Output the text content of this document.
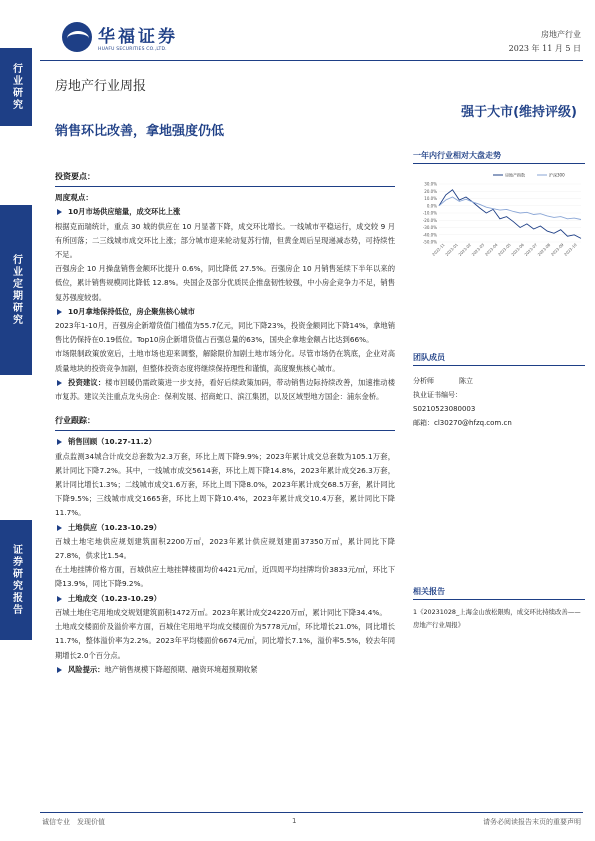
行业研究
行业定期研究
证券研究报告
华福证券
HUAFU SECURITIES CO.,LTD.
房地产行业
2023 年 11 月 5 日
房地产行业周报
强于大市(维持评级)
销售环比改善，拿地强度仍低
投资要点：
周度观点：
10月市场供应缩量，成交环比上涨
根据克而瑞统计，重点 30 城的供应在 10 月显著下降，成交环比增长。一线城市平稳运行，成交较 9 月有所回落；二三线城市成交环比上涨；部分城市迎来轮动复苏行情，但黄金周后呈现递减态势，可持续性不足。
百强房企 10 月操盘销售金额环比提升 0.6%，同比降低 27.5%。百强房企 10 月销售延续下半年以来的低位，累计销售规模同比降低 12.8%。央国企及部分优质民企推盘韧性较强，中小房企竞争力不足，销售复苏强度较弱。
10月拿地保持低位，房企聚焦核心城市
2023年1-10月，百强房企新增货值门槛值为55.7亿元，同比下降23%，投资金额同比下降14%，拿地销售比仍保持在0.19低位。Top10房企新增货值占百强总量的63%，国央企拿地金额占比达到66%。
市场限制政策放宽后，土地市场也迎来调整，解除限价加剧土地市场分化。尽管市场仍在筑底，企业对高质量地块的投资竞争加剧，但整体投资态度将继续保持理性和谨慎，高度聚焦核心城市。
投资建议：楼市回暖仍需政策进一步支持，看好后续政策加码，带动销售边际持续改善，加速推动楼市复苏。建议关注重点龙头房企：保利发展、招商蛇口、滨江集团，以及区域型地方国企：浦东金桥。
行业跟踪：
销售回顾（10.27-11.2）
重点监测34城合计成交总套数为2.3万套，环比上周下降9.9%；2023年累计成交总套数为105.1万套，累计同比下降7.2%。其中，一线城市成交5614套，环比上周下降14.8%，2023年累计成交26.3万套，累计同比增长1.3%；二线城市成交1.6万套，环比上周下降8.0%，2023年累计成交68.5万套，累计同比下降9.5%；三线城市成交1665套，环比上周下降10.4%，2023年累计成交10.4万套，累计同比下降11.7%。
土地供应（10.23-10.29）
百城土地宅地供应规划建筑面积2200万㎡，2023年累计供应规划建面37350万㎡，累计同比下降27.8%，供求比1.54。
在土地挂牌价格方面，百城供应土地挂牌楼面均价4421元/㎡，近四周平均挂牌均价3833元/㎡，环比下降13.9%，同比下降9.2%。
土地成交（10.23-10.29）
百城土地住宅用地成交规划建筑面积1472万㎡。2023年累计成交24220万㎡，累计同比下降34.4%。
土地成交楼面价及溢价率方面，百城住宅用地平均成交楼面价为5778元/㎡，环比增长21.0%，同比增长11.7%，整体溢价率为2.2%。2023年平均楼面价6674元/㎡，同比增长7.1%，溢价率5.5%，较去年同期增长2.0个百分点。
风险提示：地产销售规模下降超预期、融资环境超预期收紧
一年内行业相对大盘走势
30.0%
20.0%
10.0%
0.0%
-10.0%
-20.0%
-30.0%
-40.0%
-50.0%
2022-11
2023-01
2023-02
2023-03
2023-04
2023-05
2023-06
2023-07
2023-08
2023-09
2023-10
房地产指数	沪深300
团队成员
分析师	陈立
执业证书编号：
S0210523080003
邮箱：cl30270@hfzq.com.cn
相关报告
1《20231028_上海金山放松限购，成交环比持续改善——房地产行业周报》
诚信专业　发现价值	1	请务必阅读报告末页的重要声明
